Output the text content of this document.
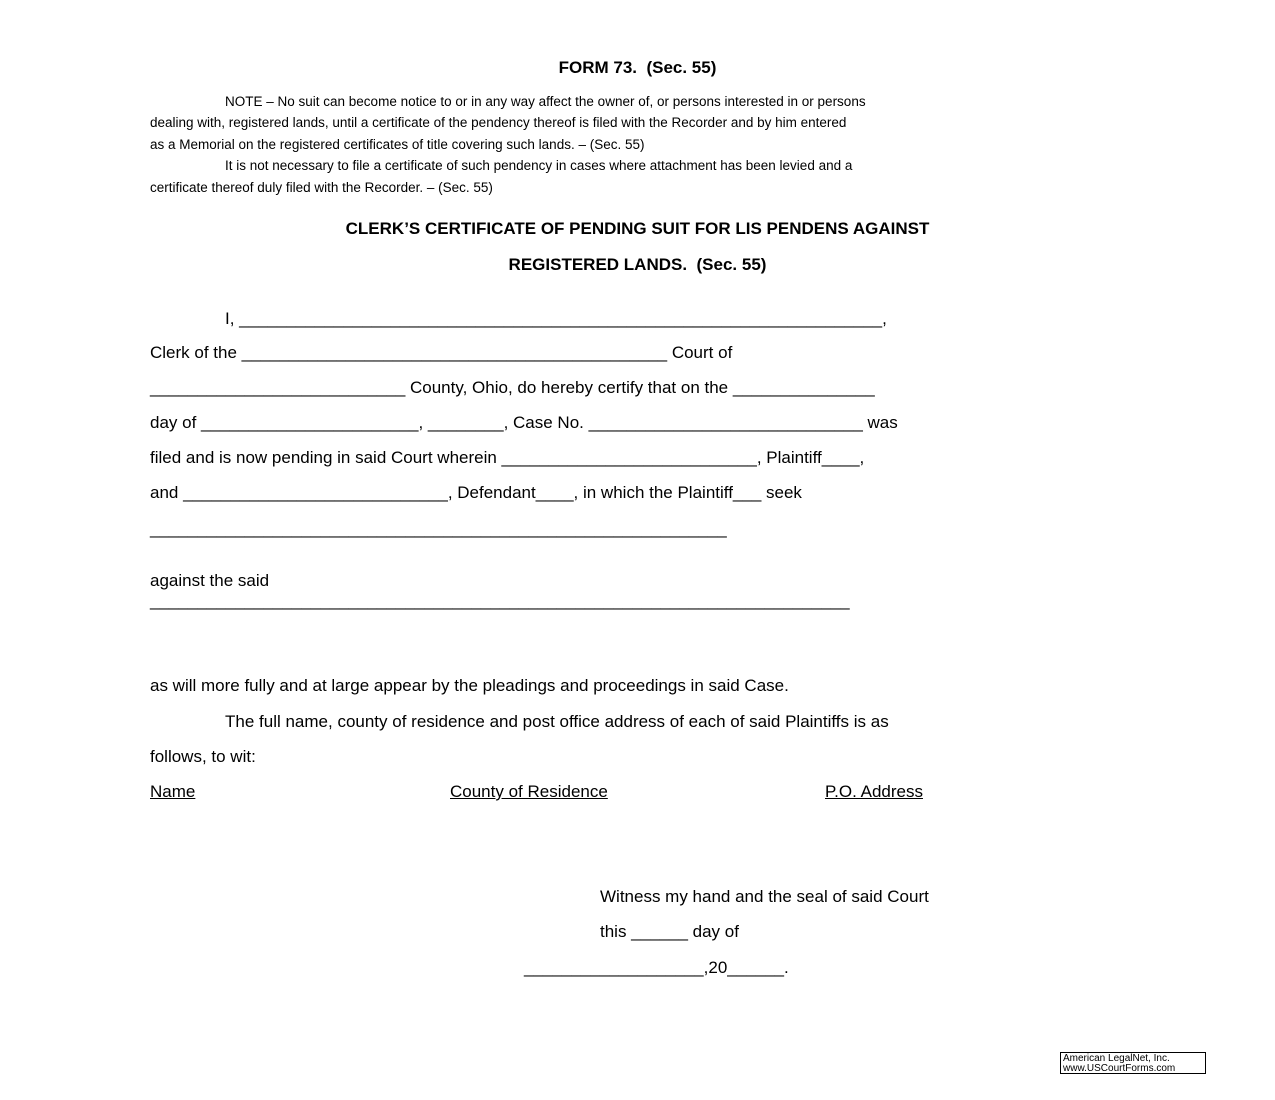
FORM 73.  (Sec. 55)
NOTE – No suit can become notice to or in any way affect the owner of, or persons interested in or persons
dealing with, registered lands, until a certificate of the pendency thereof is filed with the Recorder and by him entered
as a Memorial on the registered certificates of title covering such lands. – (Sec. 55)
It is not necessary to file a certificate of such pendency in cases where attachment has been levied and a
certificate thereof duly filed with the Recorder. – (Sec. 55)
CLERK’S CERTIFICATE OF PENDING SUIT FOR LIS PENDENS AGAINST
REGISTERED LANDS.  (Sec. 55)
I, ____________________________________________________________________,
Clerk of the _____________________________________________ Court of
___________________________ County, Ohio, do hereby certify that on the _______________
day of _______________________, ________, Case No. _____________________________ was
filed and is now pending in said Court wherein ___________________________, Plaintiff____,
and ____________________________, Defendant____, in which the Plaintiff___ seek
_____________________________________________________________
against the said
__________________________________________________________________________
as will more fully and at large appear by the pleadings and proceedings in said Case.
The full name, county of residence and post office address of each of said Plaintiffs is as
follows, to wit:
Name	County of Residence	P.O. Address
Witness my hand and the seal of said Court
this ______ day of
___________________,20______.
American LegalNet, Inc.
www.USCourtForms.com
